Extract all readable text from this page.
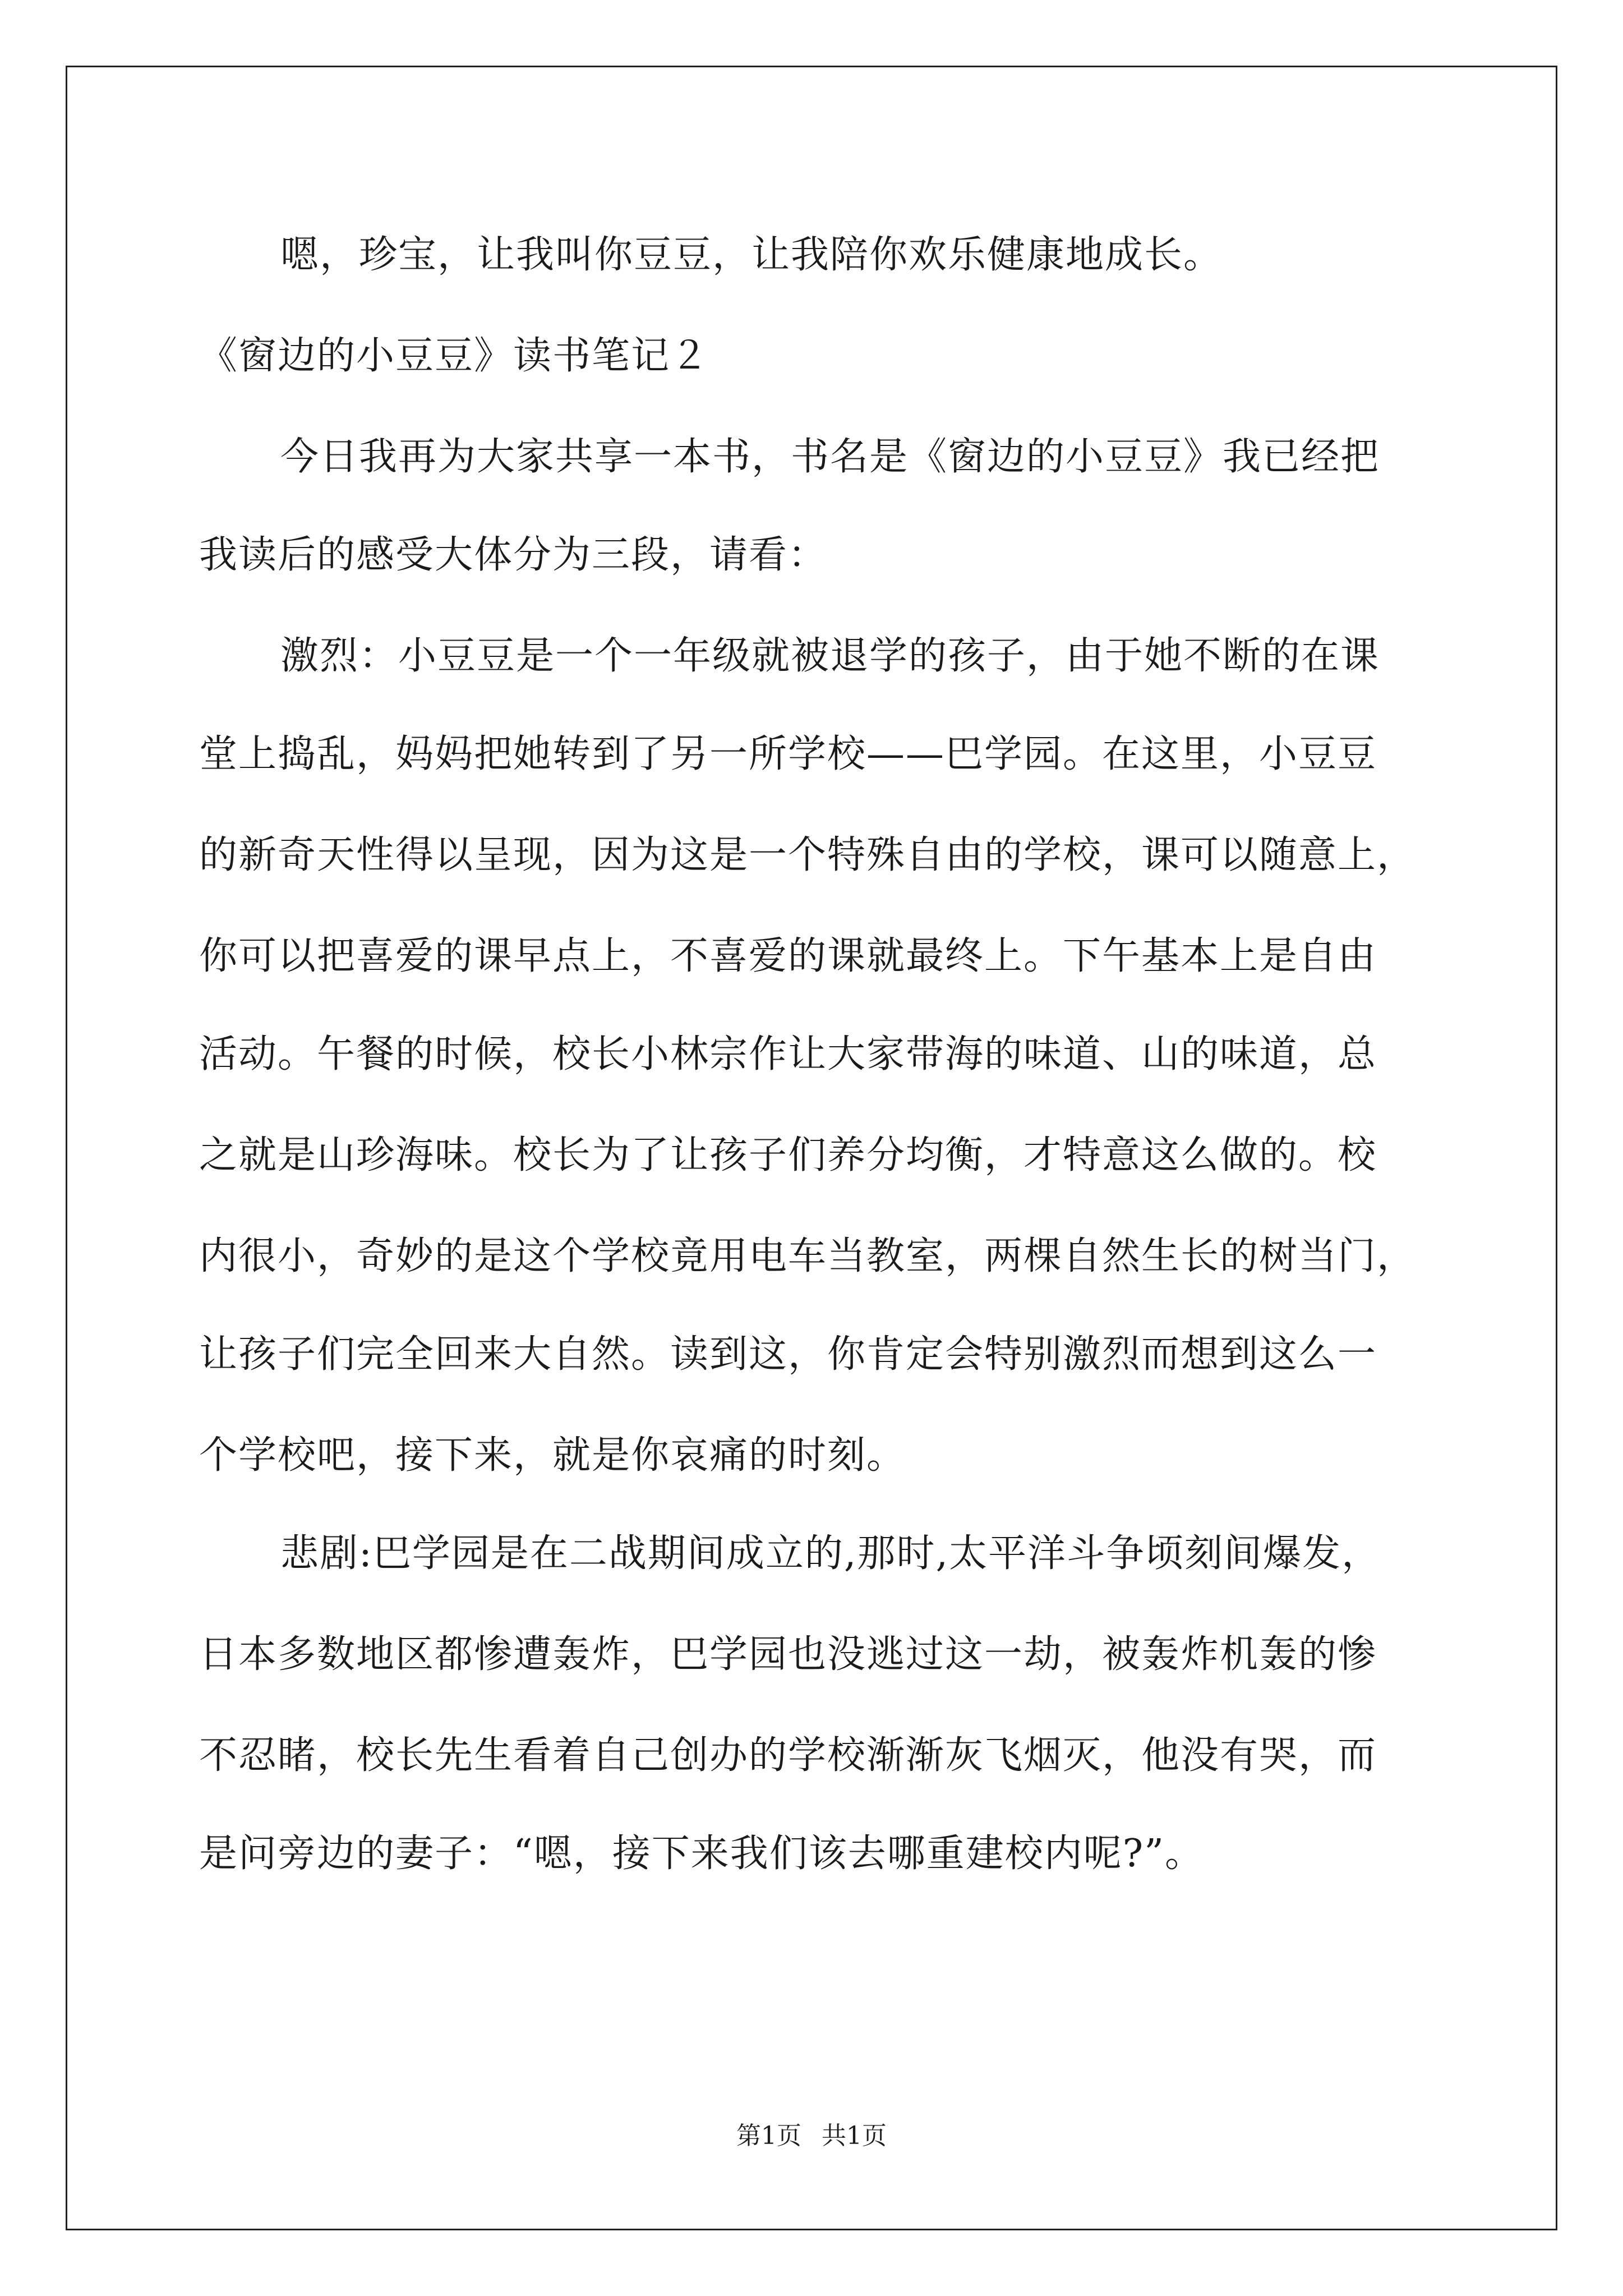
嗯，珍宝，让我叫你豆豆，让我陪你欢乐健康地成长。
《窗边的小豆豆》读书笔记２
今日我再为大家共享一本书，书名是《窗边的小豆豆》我已经把
我读后的感受大体分为三段，请看：
激烈：小豆豆是一个一年级就被退学的孩子，由于她不断的在课
堂上捣乱，妈妈把她转到了另一所学校——巴学园。在这里，小豆豆
的新奇天性得以呈现，因为这是一个特殊自由的学校，课可以随意上，
你可以把喜爱的课早点上，不喜爱的课就最终上。下午基本上是自由
活动。午餐的时候，校长小林宗作让大家带海的味道、山的味道，总
之就是山珍海味。校长为了让孩子们养分均衡，才特意这么做的。校
内很小，奇妙的是这个学校竟用电车当教室，两棵自然生长的树当门，
让孩子们完全回来大自然。读到这，你肯定会特别激烈而想到这么一
个学校吧，接下来，就是你哀痛的时刻。
悲剧:巴学园是在二战期间成立的,那时,太平洋斗争顷刻间爆发，
日本多数地区都惨遭轰炸，巴学园也没逃过这一劫，被轰炸机轰的惨
不忍睹，校长先生看着自己创办的学校渐渐灰飞烟灭，他没有哭，而
是问旁边的妻子：“嗯，接下来我们该去哪重建校内呢?”。
第1页 共1页
